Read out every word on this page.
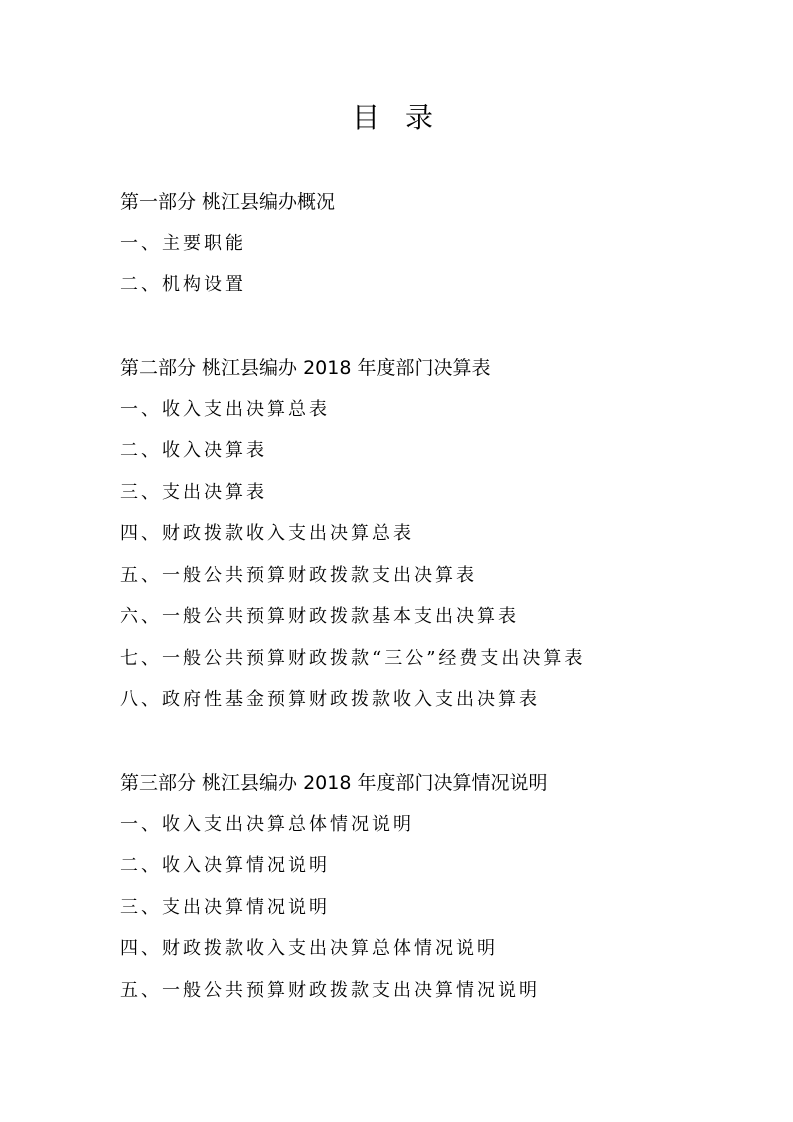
目 录
第一部分 桃江县编办概况
一、主要职能
二、机构设置
第二部分 桃江县编办 2018 年度部门决算表
一、收入支出决算总表
二、收入决算表
三、支出决算表
四、财政拨款收入支出决算总表
五、一般公共预算财政拨款支出决算表
六、一般公共预算财政拨款基本支出决算表
七、一般公共预算财政拨款“三公”经费支出决算表
八、政府性基金预算财政拨款收入支出决算表
第三部分 桃江县编办 2018 年度部门决算情况说明
一、收入支出决算总体情况说明
二、收入决算情况说明
三、支出决算情况说明
四、财政拨款收入支出决算总体情况说明
五、一般公共预算财政拨款支出决算情况说明
